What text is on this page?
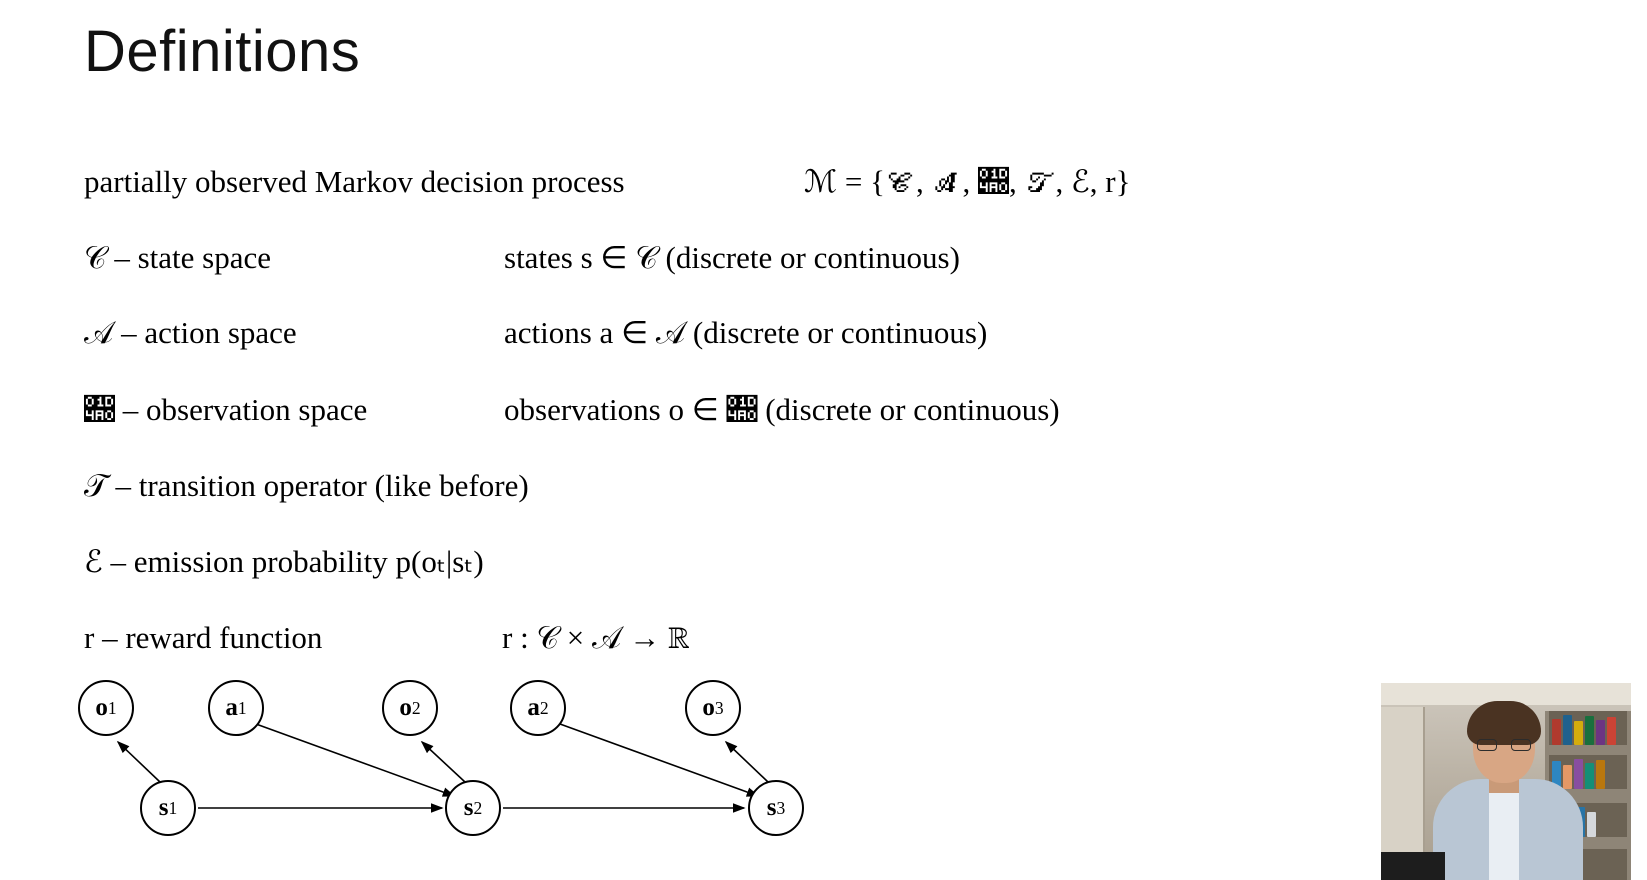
Definitions
partially observed Markov decision process	ℳ = {𝒞, 𝒜, 𝒠, 𝒯, ℰ, r}
𝒞 – state space	states s ∈ 𝒞 (discrete or continuous)
𝒜 – action space	actions a ∈ 𝒜 (discrete or continuous)
𝒠 – observation space	observations o ∈ 𝒠 (discrete or continuous)
𝒯 – transition operator (like before)
ℰ – emission probability p(oₜ|sₜ)
r – reward function	r : 𝒞 × 𝒜 → ℝ
o 1	a 1	o 2	a 2	o 3
s 1	s 2	s 3
